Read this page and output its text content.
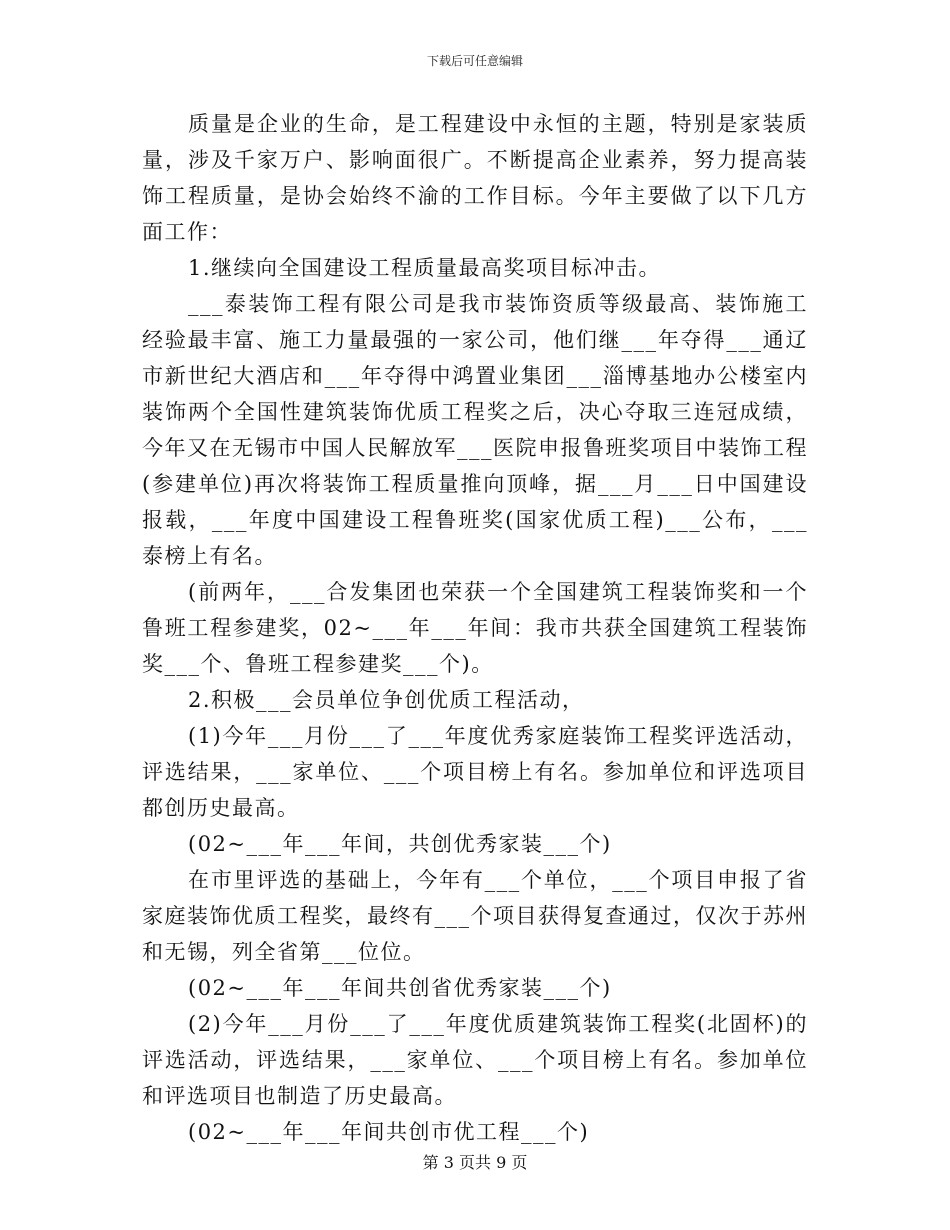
下载后可任意编辑

质量是企业的生命，是工程建设中永恒的主题，特别是家装质量，涉及千家万户、影响面很广。不断提高企业素养，努力提高装饰工程质量，是协会始终不渝的工作目标。今年主要做了以下几方面工作：

1.继续向全国建设工程质量最高奖项目标冲击。

___泰装饰工程有限公司是我市装饰资质等级最高、装饰施工经验最丰富、施工力量最强的一家公司，他们继___年夺得___通辽市新世纪大酒店和___年夺得中鸿置业集团___淄博基地办公楼室内装饰两个全国性建筑装饰优质工程奖之后，决心夺取三连冠成绩，今年又在无锡市中国人民解放军___医院申报鲁班奖项目中装饰工程(参建单位)再次将装饰工程质量推向顶峰，据___月___日中国建设报载，___年度中国建设工程鲁班奖(国家优质工程)___公布，___泰榜上有名。

(前两年，___合发集团也荣获一个全国建筑工程装饰奖和一个鲁班工程参建奖，02~___年___年间：我市共获全国建筑工程装饰奖___个、鲁班工程参建奖___个)。

2.积极___会员单位争创优质工程活动，

(1)今年___月份___了___年度优秀家庭装饰工程奖评选活动，评选结果，___家单位、___个项目榜上有名。参加单位和评选项目都创历史最高。

(02~___年___年间，共创优秀家装___个)

在市里评选的基础上，今年有___个单位，___个项目申报了省家庭装饰优质工程奖，最终有___个项目获得复查通过，仅次于苏州和无锡，列全省第___位位。

(02~___年___年间共创省优秀家装___个)

(2)今年___月份___了___年度优质建筑装饰工程奖(北固杯)的评选活动，评选结果，___家单位、___个项目榜上有名。参加单位和评选项目也制造了历史最高。

(02~___年___年间共创市优工程___个)

第 3 页共 9 页
